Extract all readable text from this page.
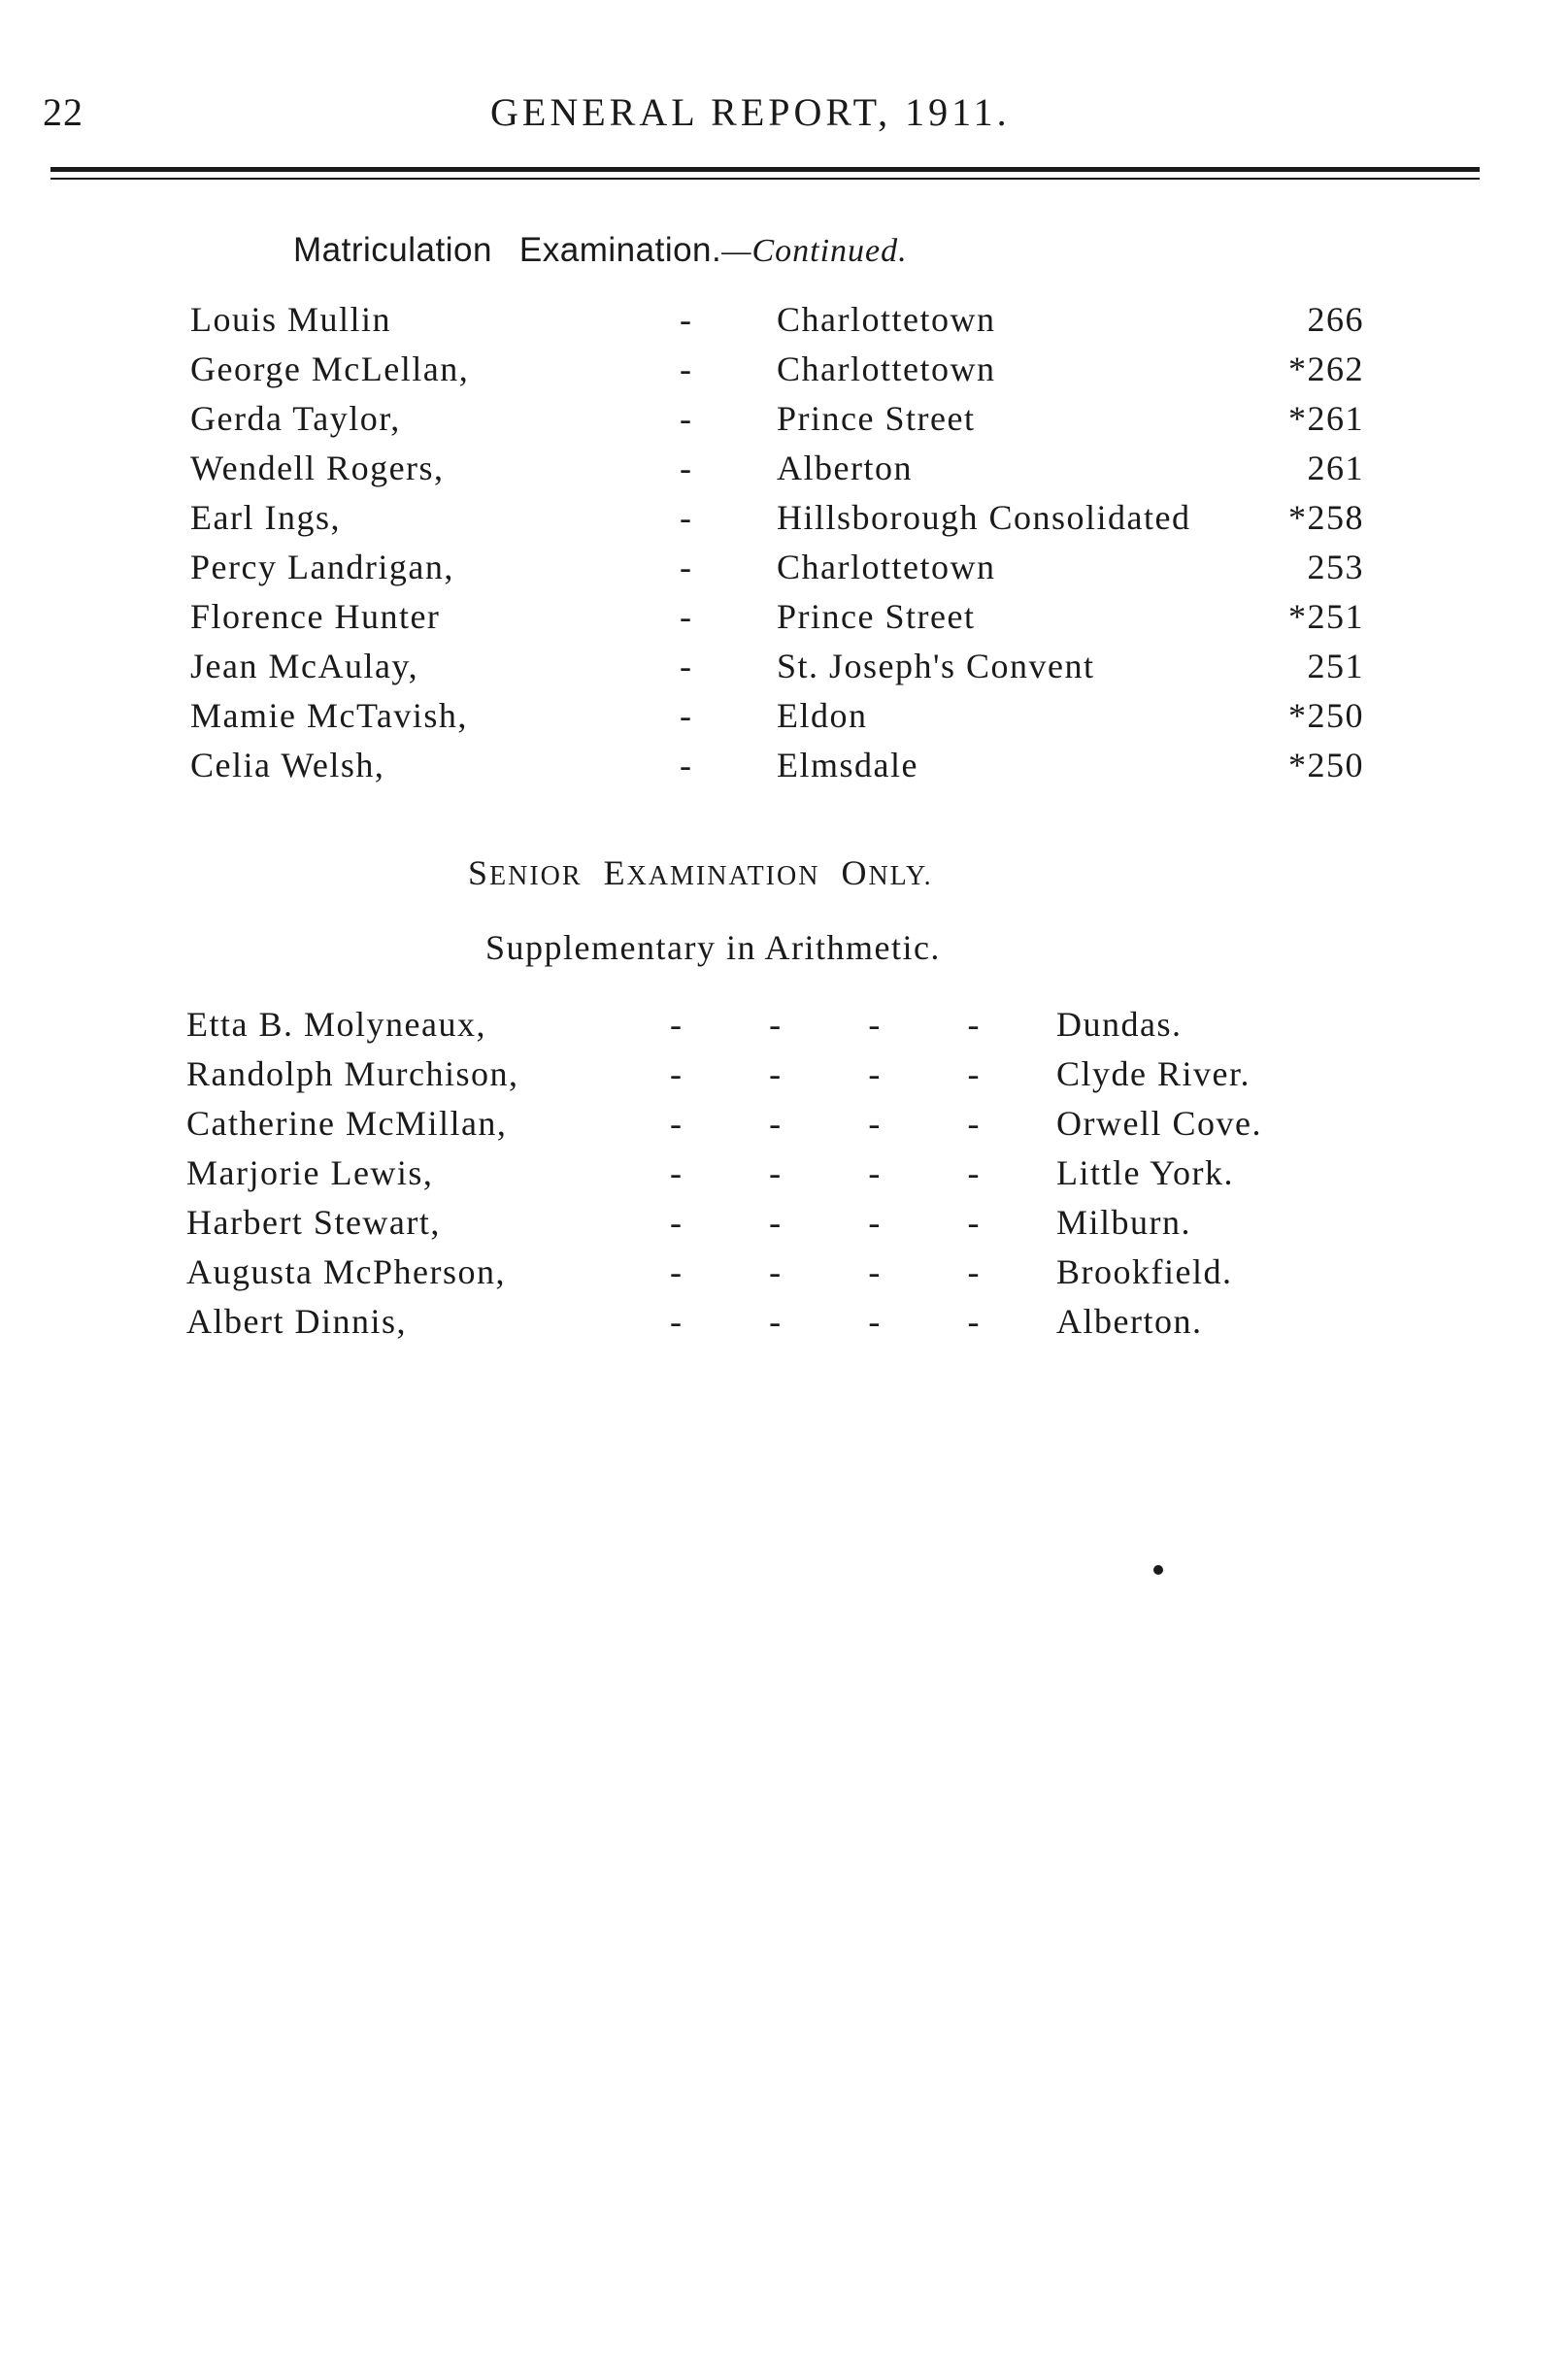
22	GENERAL REPORT, 1911.
Matriculation Examination.—Continued.
Louis Mullin	- Charlottetown	266
George McLellan,	- Charlottetown	*262
Gerda Taylor,	- Prince Street	*261
Wendell Rogers,	- Alberton	261
Earl Ings,	- Hillsborough Consolidated	*258
Percy Landrigan,	- Charlottetown	253
Florence Hunter	- Prince Street	*251
Jean McAulay,	- St. Joseph's Convent	251
Mamie McTavish,	- Eldon	*250
Celia Welsh,	- Elmsdale	*250
SENIOR EXAMINATION ONLY.
Supplementary in Arithmetic.
Etta B. Molyneaux,	- - - - Dundas.
Randolph Murchison,	- - - - Clyde River.
Catherine McMillan,	- - - - Orwell Cove.
Marjorie Lewis,	- - - - Little York.
Harbert Stewart,	- - - - Milburn.
Augusta McPherson,	- - - - Brookfield.
Albert Dinnis,	- - - - Alberton.
